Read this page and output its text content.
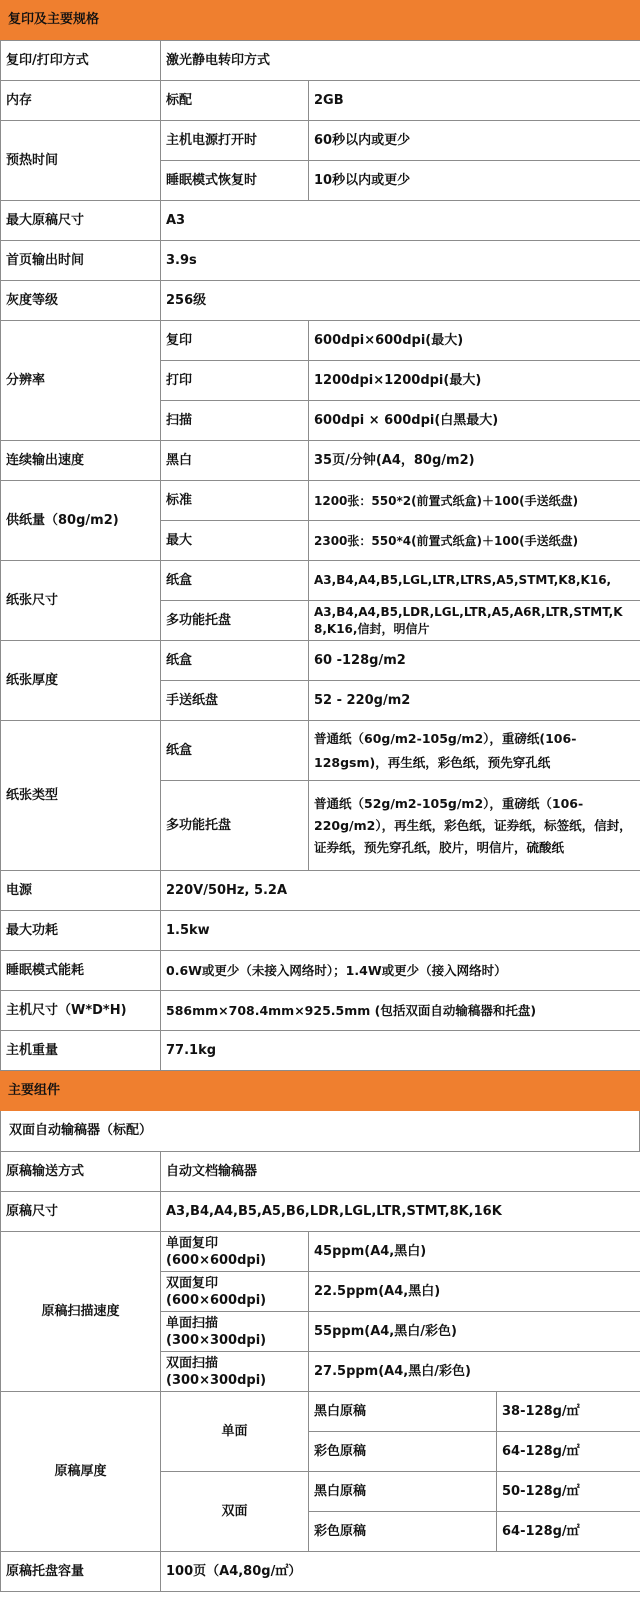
复印及主要规格
复印/打印方式	激光静电转印方式	
内存	标配	2GB
预热时间	主机电源打开时	60秒以内或更少
	睡眠模式恢复时	10秒以内或更少
最大原稿尺寸	A3	
首页输出时间	3.9s	
灰度等级	256级	
分辨率	复印	600dpi×600dpi(最大)
	打印	1200dpi×1200dpi(最大)
	扫描	600dpi × 600dpi(白黑最大)
连续输出速度	黑白	35页/分钟(A4，80g/m2)
供纸量（80g/m2)	标准	1200张：550*2(前置式纸盒)＋100(手送纸盘)
	最大	2300张：550*4(前置式纸盒)＋100(手送纸盘)
纸张尺寸	纸盒	A3,B4,A4,B5,LGL,LTR,LTRS,A5,STMT,K8,K16,
	多功能托盘	A3,B4,A4,B5,LDR,LGL,LTR,A5,A6R,LTR,STMT,K8,K16,信封，明信片
纸张厚度	纸盒	60 -128g/m2
	手送纸盘	52 - 220g/m2
纸张类型	纸盒	普通纸（60g/m2-105g/m2），重磅纸(106-128gsm)，再生纸，彩色纸，预先穿孔纸
	多功能托盘	普通纸（52g/m2-105g/m2），重磅纸（106-220g/m2），再生纸，彩色纸，证券纸，标签纸，信封，证券纸，预先穿孔纸，胶片，明信片，硫酸纸
电源	220V/50Hz, 5.2A	
最大功耗	1.5kw	
睡眠模式能耗	0.6W或更少（未接入网络时）；1.4W或更少（接入网络时）	
主机尺寸（W*D*H)	586mm×708.4mm×925.5mm (包括双面自动输稿器和托盘)	
主机重量	77.1kg	
主要组件
双面自动输稿器（标配）
原稿输送方式	自动文档输稿器		
原稿尺寸	A3,B4,A4,B5,A5,B6,LDR,LGL,LTR,STMT,8K,16K		
原稿扫描速度	单面复印(600×600dpi)	45ppm(A4,黑白)	
	双面复印(600×600dpi)	22.5ppm(A4,黑白)	
	单面扫描(300×300dpi)	55ppm(A4,黑白/彩色)	
	双面扫描(300×300dpi)	27.5ppm(A4,黑白/彩色)	
原稿厚度	单面	黑白原稿	38-128g/㎡
		彩色原稿	64-128g/㎡
	双面	黑白原稿	50-128g/㎡
		彩色原稿	64-128g/㎡
原稿托盘容量	100页（A4,80g/㎡）		
